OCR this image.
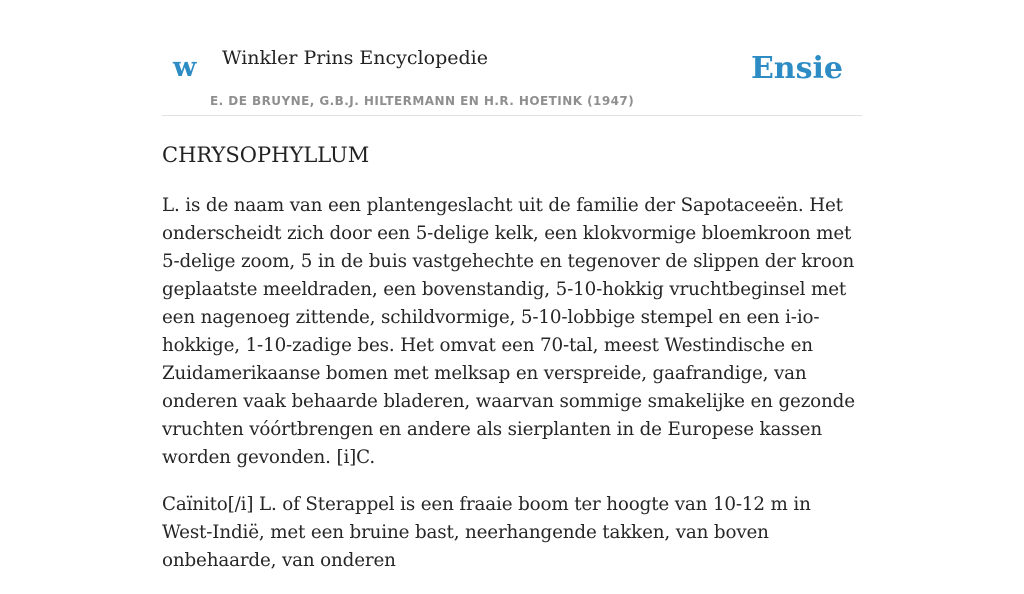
w Winkler Prins Encyclopedie
E. DE BRUYNE, G.B.J. HILTERMANN EN H.R. HOETINK (1947)
Ensie
CHRYSOPHYLLUM

L. is de naam van een plantengeslacht uit de familie der Sapotaceeën. Het onderscheidt zich door een 5-delige kelk, een klokvormige bloemkroon met 5-delige zoom, 5 in de buis vastgehechte en tegenover de slippen der kroon geplaatste meeldraden, een bovenstandig, 5-10-hokkig vruchtbeginsel met een nagenoeg zittende, schildvormige, 5-10-lobbige stempel en een i-io-hokkige, 1-10-zadige bes. Het omvat een 70-tal, meest Westindische en Zuidamerikaanse bomen met melksap en verspreide, gaafrandige, van onderen vaak behaarde bladeren, waarvan sommige smakelijke en gezonde vruchten vóórtbrengen en andere als sierplanten in de Europese kassen worden gevonden. [i]C.

Caïnito[/i] L. of Sterappel is een fraaie boom ter hoogte van 10-12 m in West-Indië, met een bruine bast, neerhangende takken, van boven onbehaarde, van onderen
